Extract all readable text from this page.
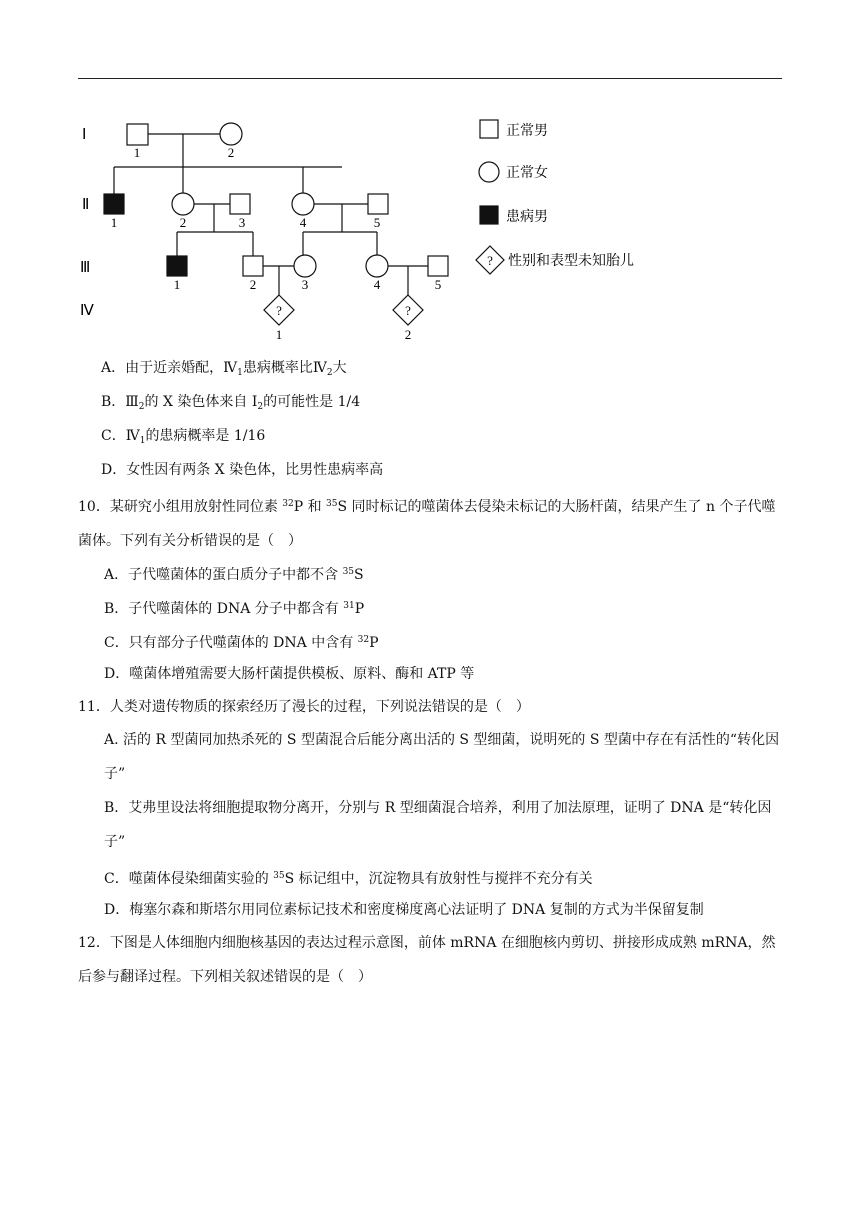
?	?
Ⅰ
Ⅱ
Ⅲ
Ⅳ
1	2
1	2	3	4	5
1	2	3	4	5
1	2
正常男
正常女
患病男
? 性别和表型未知胎儿
A．由于近亲婚配，$Ⅳ_1$患病概率比$Ⅳ_2$大
B．$Ⅲ_2$的 X 染色体来自 $I_2$的可能性是 1/4
C．$Ⅳ_1$的患病概率是 1/16
D．女性因有两条 X 染色体，比男性患病率高
10．某研究小组用放射性同位素 $^{32}$P 和 $^{35}$S 同时标记的噬菌体去侵染未标记的大肠杆菌，结果产生了 n 个子代噬菌体。下列有关分析错误的是（　）
A．子代噬菌体的蛋白质分子中都不含 $^{35}$S
B．子代噬菌体的 DNA 分子中都含有 $^{31}$P
C．只有部分子代噬菌体的 DNA 中含有 $^{32}$P
D．噬菌体增殖需要大肠杆菌提供模板、原料、酶和 ATP 等
11．人类对遗传物质的探索经历了漫长的过程，下列说法错误的是（　）
A. 活的 R 型菌同加热杀死的 S 型菌混合后能分离出活的 S 型细菌，说明死的 S 型菌中存在有活性的“转化因子”
B．艾弗里设法将细胞提取物分离开，分别与 R 型细菌混合培养，利用了加法原理，证明了 DNA 是“转化因子”
C．噬菌体侵染细菌实验的 $^{35}$S 标记组中，沉淀物具有放射性与搅拌不充分有关
D．梅塞尔森和斯塔尔用同位素标记技术和密度梯度离心法证明了 DNA 复制的方式为半保留复制
12．下图是人体细胞内细胞核基因的表达过程示意图，前体 mRNA 在细胞核内剪切、拼接形成成熟 mRNA，然后参与翻译过程。下列相关叙述错误的是（　）
